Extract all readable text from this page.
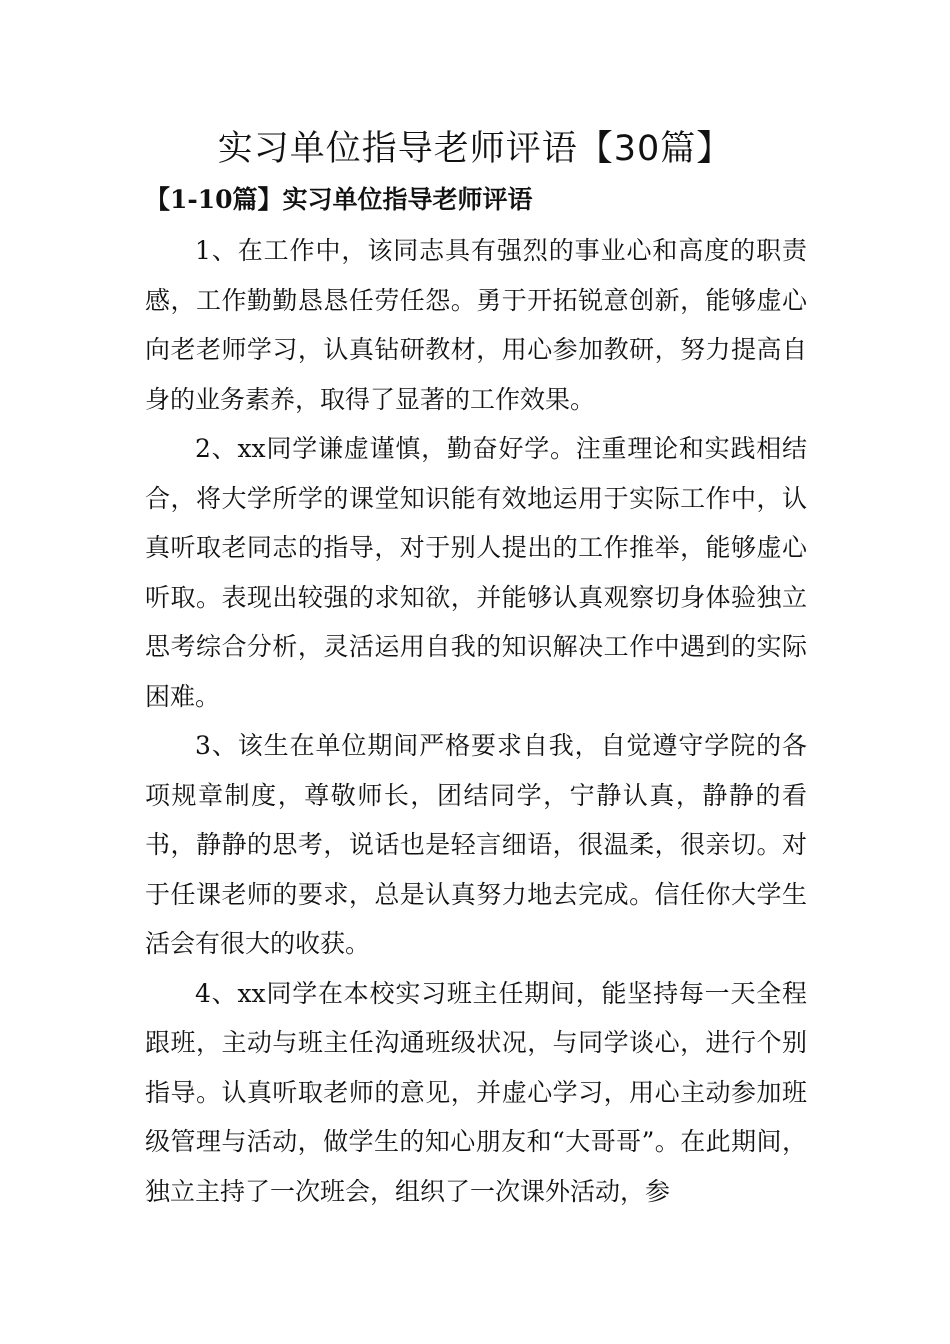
实习单位指导老师评语【30篇】
【1-10篇】实习单位指导老师评语

1、在工作中，该同志具有强烈的事业心和高度的职责感，工作勤勤恳恳任劳任怨。勇于开拓锐意创新，能够虚心向老老师学习，认真钻研教材，用心参加教研，努力提高自身的业务素养，取得了显著的工作效果。

2、xx同学谦虚谨慎，勤奋好学。注重理论和实践相结合，将大学所学的课堂知识能有效地运用于实际工作中，认真听取老同志的指导，对于别人提出的工作推举，能够虚心听取。表现出较强的求知欲，并能够认真观察切身体验独立思考综合分析，灵活运用自我的知识解决工作中遇到的实际困难。

3、该生在单位期间严格要求自我，自觉遵守学院的各项规章制度，尊敬师长，团结同学，宁静认真，静静的看书，静静的思考，说话也是轻言细语，很温柔，很亲切。对于任课老师的要求，总是认真努力地去完成。信任你大学生活会有很大的收获。

4、xx同学在本校实习班主任期间，能坚持每一天全程跟班，主动与班主任沟通班级状况，与同学谈心，进行个别指导。认真听取老师的意见，并虚心学习，用心主动参加班级管理与活动，做学生的知心朋友和“大哥哥”。在此期间，独立主持了一次班会，组织了一次课外活动，参
